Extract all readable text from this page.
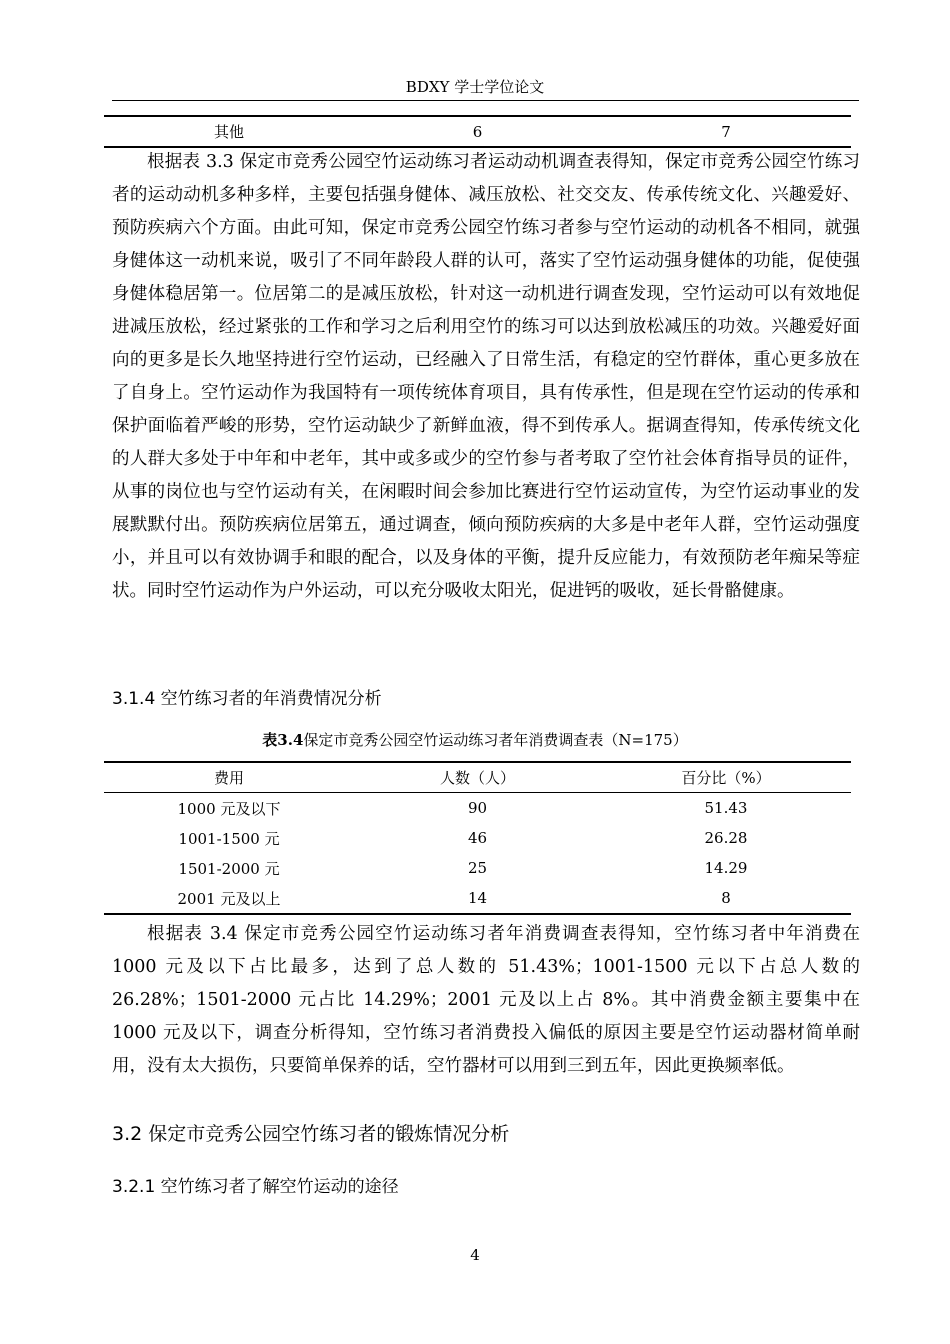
BDXY 学士学位论文
其他	6	7

根据表 3.3 保定市竞秀公园空竹运动练习者运动动机调查表得知，保定市竞秀公园空竹练习者的运动动机多种多样，主要包括强身健体、减压放松、社交交友、传承传统文化、兴趣爱好、预防疾病六个方面。由此可知，保定市竞秀公园空竹练习者参与空竹运动的动机各不相同，就强身健体这一动机来说，吸引了不同年龄段人群的认可，落实了空竹运动强身健体的功能，促使强身健体稳居第一。位居第二的是减压放松，针对这一动机进行调查发现，空竹运动可以有效地促进减压放松，经过紧张的工作和学习之后利用空竹的练习可以达到放松减压的功效。兴趣爱好面向的更多是长久地坚持进行空竹运动，已经融入了日常生活，有稳定的空竹群体，重心更多放在了自身上。空竹运动作为我国特有一项传统体育项目，具有传承性，但是现在空竹运动的传承和保护面临着严峻的形势，空竹运动缺少了新鲜血液，得不到传承人。据调查得知，传承传统文化的人群大多处于中年和中老年，其中或多或少的空竹参与者考取了空竹社会体育指导员的证件，从事的岗位也与空竹运动有关，在闲暇时间会参加比赛进行空竹运动宣传，为空竹运动事业的发展默默付出。预防疾病位居第五，通过调查，倾向预防疾病的大多是中老年人群，空竹运动强度小，并且可以有效协调手和眼的配合，以及身体的平衡，提升反应能力，有效预防老年痴呆等症状。同时空竹运动作为户外运动，可以充分吸收太阳光，促进钙的吸收，延长骨骼健康。

3.1.4 空竹练习者的年消费情况分析
表3.4保定市竞秀公园空竹运动练习者年消费调查表（N=175）
费用	人数（人）	百分比（%）
1000 元及以下	90	51.43
1001-1500 元	46	26.28
1501-2000 元	25	14.29
2001 元及以上	14	8

根据表 3.4 保定市竞秀公园空竹运动练习者年消费调查表得知，空竹练习者中年消费在 1000 元及以下占比最多，达到了总人数的 51.43%；1001-1500 元以下占总人数的 26.28%；1501-2000 元占比 14.29%；2001 元及以上占 8%。其中消费金额主要集中在 1000 元及以下，调查分析得知，空竹练习者消费投入偏低的原因主要是空竹运动器材简单耐用，没有太大损伤，只要简单保养的话，空竹器材可以用到三到五年，因此更换频率低。

3.2 保定市竞秀公园空竹练习者的锻炼情况分析
3.2.1 空竹练习者了解空竹运动的途径
4
